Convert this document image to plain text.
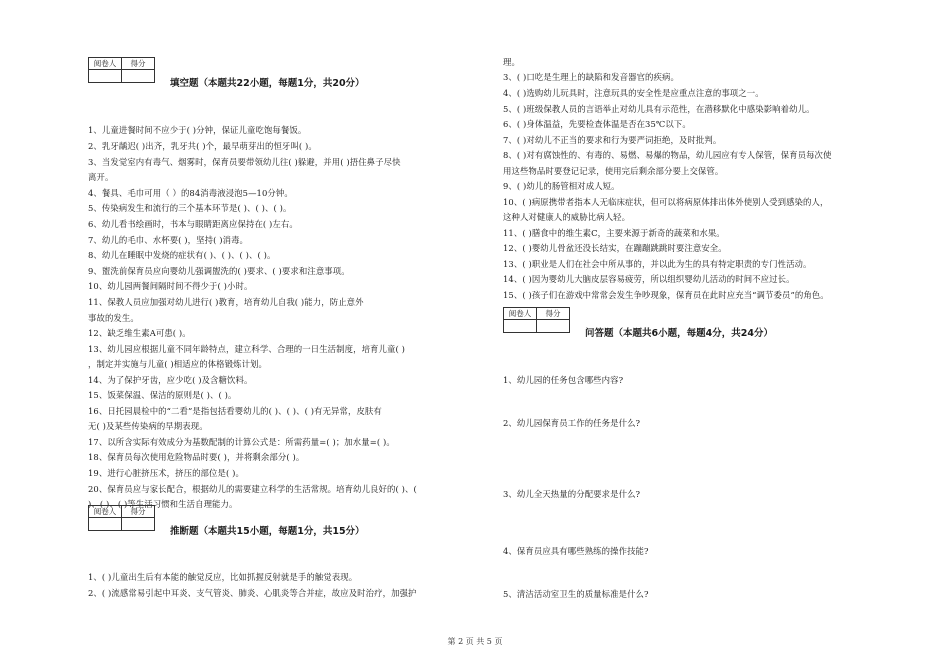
阅卷人	得分

填空题（本题共22小题，每题1分，共20分）
1、儿童进餐时间不应少于( )分钟，保证儿童吃饱每餐饭。
2、乳牙龋迟( )出齐，乳牙共( )个，最早萌芽出的恒牙叫( )。
3、当发觉室内有毒气、烟雾时，保育员要带领幼儿往( )躲避，并用( )捂住鼻子尽快
离开。
4、餐具、毛巾可用（ ）的84消毒液浸泡5—10分钟。
5、传染病发生和流行的三个基本环节是( )、( )、( )。
6、幼儿看书绘画时，书本与眼睛距离应保持在( )左右。
7、幼儿的毛巾、水杯要( )，坚持( )消毒。
8、幼儿在睡眠中发烧的症状有( )、( )、( )、( )。
9、盥洗前保育员应向婴幼儿强调盥洗的( )要求、( )要求和注意事项。
10、幼儿园两餐间隔时间不得少于( )小时。
11、保教人员应加强对幼儿进行( )教育，培育幼儿自我( )能力，防止意外
事故的发生。
12、缺乏维生素A可患( )。
13、幼儿园应根据儿童不同年龄特点，建立科学、合理的一日生活制度，培育儿童( )
，制定并实施与儿童( )相适应的体格锻炼计划。
14、为了保护牙齿，应少吃( )及含糖饮料。
15、饭菜保温、保洁的原则是( )、( )。
16、日托园晨检中的“二看”是指包括看婴幼儿的( )、( )、( )有无异常，皮肤有
无( )及某些传染病的早期表现。
17、以所含实际有效成分为基数配制的计算公式是：所需药量=( )；加水量=( )。
18、保育员每次使用危险物品时要( )，并将剩余部分( )。
19、进行心脏挤压术，挤压的部位是( )。
20、保育员应与家长配合，根据幼儿的需要建立科学的生活常规。培育幼儿良好的( )、(
)、( )、( )等生活习惯和生活自理能力。
阅卷人	得分

推断题（本题共15小题，每题1分，共15分）
1、( )儿童出生后有本能的触觉反应，比如抓握反射就是手的触觉表现。
2、( )流感常易引起中耳炎、支气管炎、肺炎、心肌炎等合并症，故应及时治疗，加强护
理。
3、( )口吃是生理上的缺陷和发音器官的疾病。
4、( )选购幼儿玩具时，注意玩具的安全性是应重点注意的事项之一。
5、( )班级保教人员的言语举止对幼儿具有示范性，在潜移默化中感染影响着幼儿。
6、( )身体温益，先要检查体温是否在35℃以下。
7、( )对幼儿不正当的要求和行为要严词拒绝，及时批判。
8、( )对有腐蚀性的、有毒的、易燃、易爆的物品，幼儿园应有专人保管，保育员每次使
用这些物品时要登记记录，使用完后剩余部分要上交保管。
9、( )幼儿的肠管相对成人短。
10、( )病原携带者指本人无临床症状，但可以将病原体排出体外使别人受到感染的人，
这种人对健康人的威胁比病人轻。
11、( )膳食中的维生素C，主要来源于新奇的蔬菜和水果。
12、( )婴幼儿骨盆还没长结实，在蹦蹦跳跳时要注意安全。
13、( )职业是人们在社会中所从事的，并以此为生的具有特定职责的专门性活动。
14、( )因为婴幼儿大脑皮层容易疲劳，所以组织婴幼儿活动的时间不应过长。
15、( )孩子们在游戏中常常会发生争吵现象，保育员在此时应充当“调节委员”的角色。
阅卷人	得分

问答题（本题共6小题，每题4分，共24分）
1、幼儿园的任务包含哪些内容?
2、幼儿园保育员工作的任务是什么?
3、幼儿全天热量的分配要求是什么?
4、保育员应具有哪些熟练的操作技能?
5、清洁活动室卫生的质量标准是什么?
第 2 页 共 5 页
